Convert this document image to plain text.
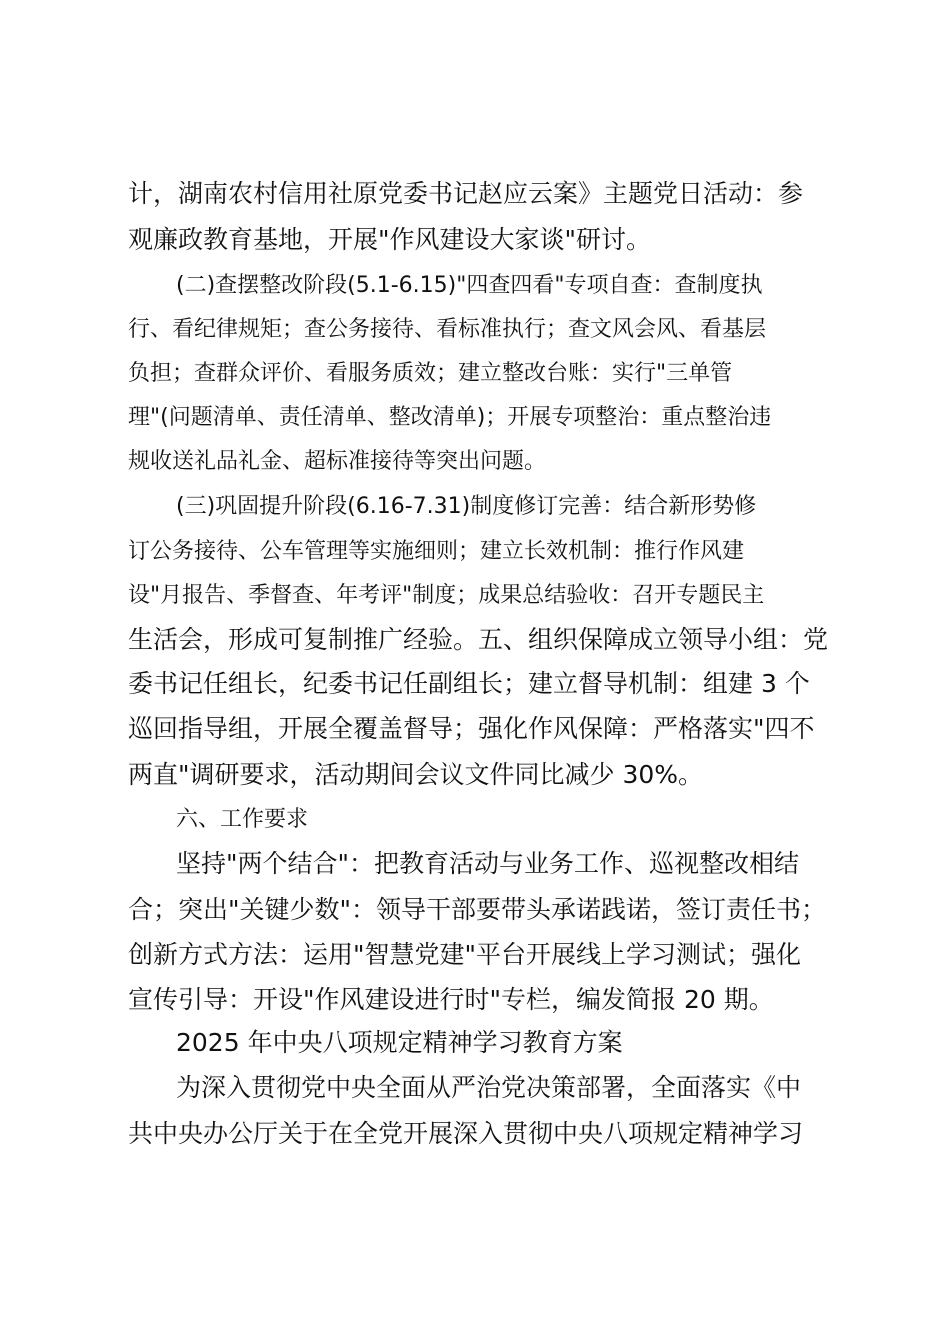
计，湖南农村信用社原党委书记赵应云案》主题党日活动：参
观廉政教育基地，开展"作风建设大家谈"研讨。
(二)查摆整改阶段(5.1-6.15)"四查四看"专项自查：查制度执
行、看纪律规矩；查公务接待、看标准执行；查文风会风、看基层
负担；查群众评价、看服务质效；建立整改台账：实行"三单管
理"(问题清单、责任清单、整改清单)；开展专项整治：重点整治违
规收送礼品礼金、超标准接待等突出问题。
(三)巩固提升阶段(6.16-7.31)制度修订完善：结合新形势修
订公务接待、公车管理等实施细则；建立长效机制：推行作风建
设"月报告、季督查、年考评"制度；成果总结验收：召开专题民主
生活会，形成可复制推广经验。五、组织保障成立领导小组：党
委书记任组长，纪委书记任副组长；建立督导机制：组建 3 个
巡回指导组，开展全覆盖督导；强化作风保障：严格落实"四不
两直"调研要求，活动期间会议文件同比减少 30%。
六、工作要求
坚持"两个结合"：把教育活动与业务工作、巡视整改相结
合；突出"关键少数"：领导干部要带头承诺践诺，签订责任书；
创新方式方法：运用"智慧党建"平台开展线上学习测试；强化
宣传引导：开设"作风建设进行时"专栏，编发简报 20 期。
2025 年中央八项规定精神学习教育方案
为深入贯彻党中央全面从严治党决策部署，全面落实《中
共中央办公厅关于在全党开展深入贯彻中央八项规定精神学习
